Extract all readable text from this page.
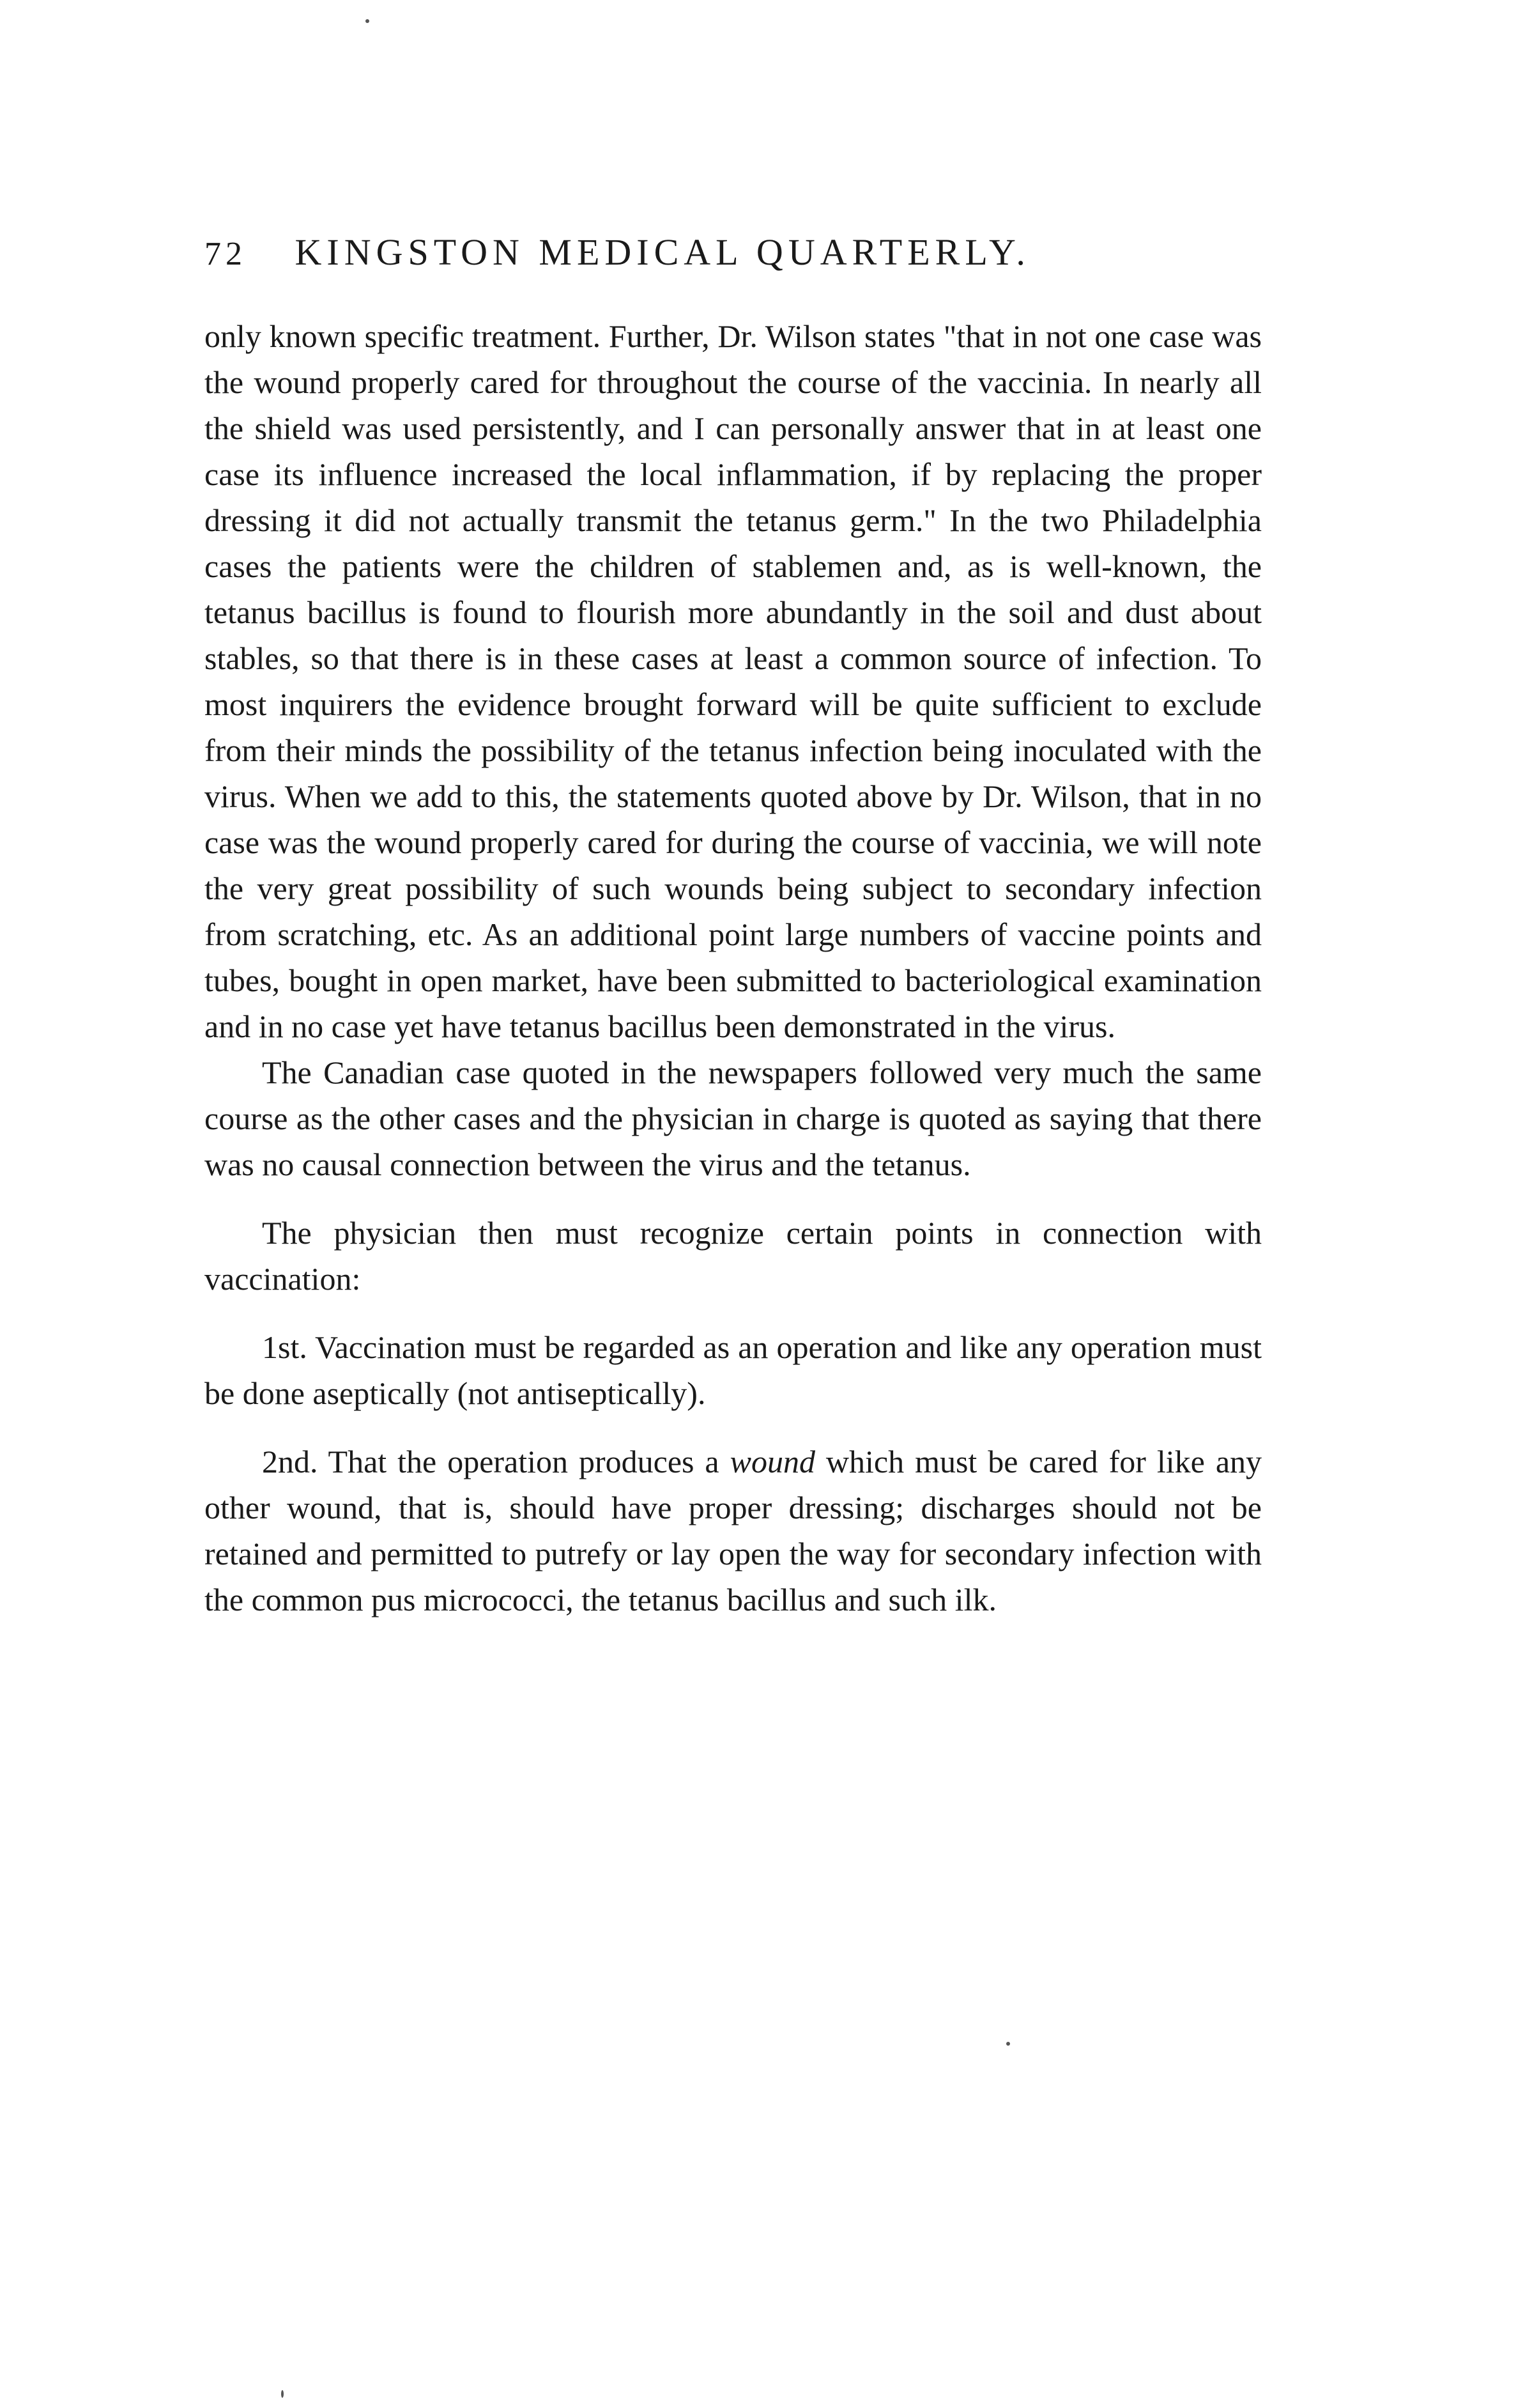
72 KINGSTON MEDICAL QUARTERLY.

only known specific treatment. Further, Dr. Wilson states "that in not one case was the wound properly cared for throughout the course of the vaccinia. In nearly all the shield was used persistently, and I can personally answer that in at least one case its influence increased the local inflammation, if by replacing the proper dressing it did not actually transmit the tetanus germ." In the two Philadelphia cases the patients were the children of stablemen and, as is well-known, the tetanus bacillus is found to flourish more abundantly in the soil and dust about stables, so that there is in these cases at least a common source of infection. To most inquirers the evidence brought forward will be quite sufficient to exclude from their minds the possibility of the tetanus infection being inoculated with the virus. When we add to this, the statements quoted above by Dr. Wilson, that in no case was the wound properly cared for during the course of vaccinia, we will note the very great possibility of such wounds being subject to secondary infection from scratching, etc. As an additional point large numbers of vaccine points and tubes, bought in open market, have been submitted to bacteriological examination and in no case yet have tetanus bacillus been demonstrated in the virus.

The Canadian case quoted in the newspapers followed very much the same course as the other cases and the physician in charge is quoted as saying that there was no causal connection between the virus and the tetanus.

The physician then must recognize certain points in connection with vaccination:

1st. Vaccination must be regarded as an operation and like any operation must be done aseptically (not antiseptically).

2nd. That the operation produces a wound which must be cared for like any other wound, that is, should have proper dressing; discharges should not be retained and permitted to putrefy or lay open the way for secondary infection with the common pus micrococci, the tetanus bacillus and such ilk.
